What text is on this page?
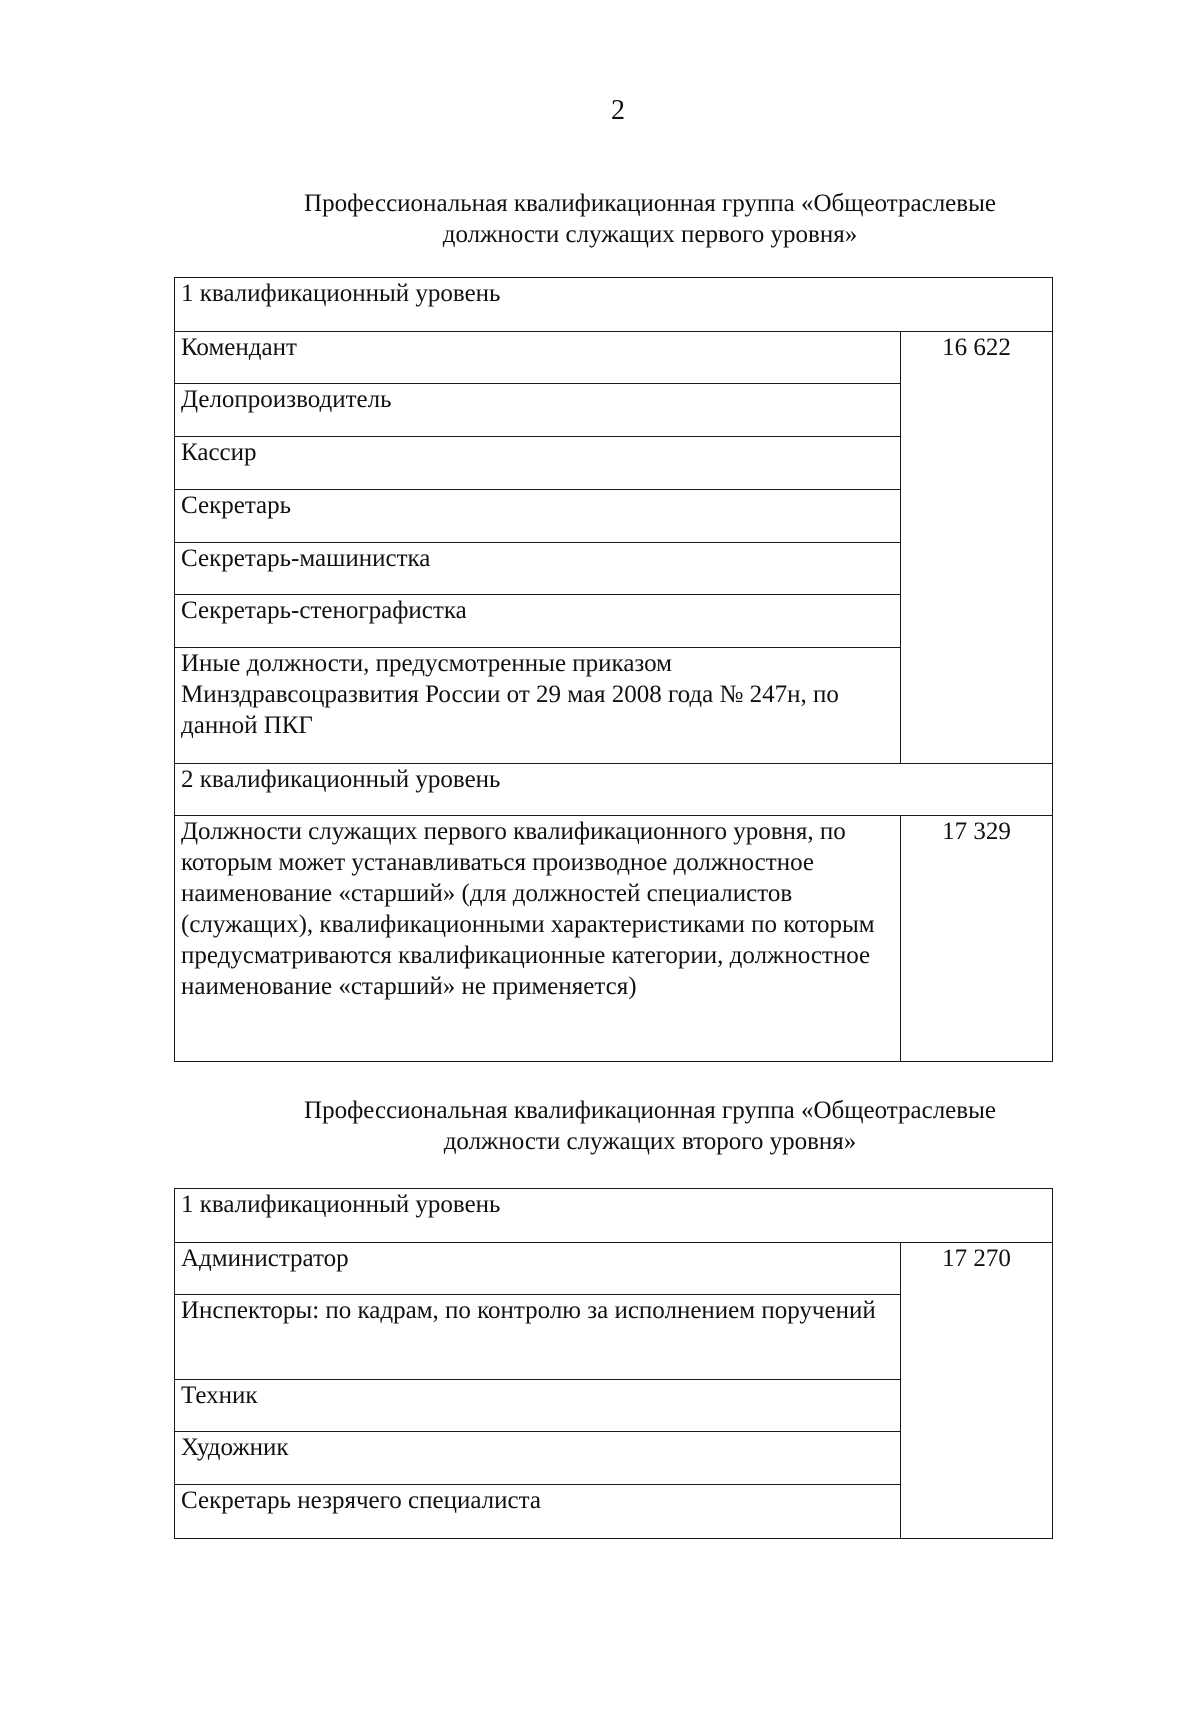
2
Профессиональная квалификационная группа «Общеотраслевые
должности служащих первого уровня»
1 квалификационный уровень	
Комендант	16 622
Делопроизводитель	
Кассир	
Секретарь	
Секретарь-машинистка	
Секретарь-стенографистка	
Иные должности, предусмотренные приказом Минздравсоцразвития России от 29 мая 2008 года № 247н, по данной ПКГ	
2 квалификационный уровень	
Должности служащих первого квалификационного уровня, по которым может устанавливаться производное должностное наименование «старший» (для должностей специалистов (служащих), квалификационными характеристиками по которым предусматриваются квалификационные категории, должностное наименование «старший» не применяется)	17 329
Профессиональная квалификационная группа «Общеотраслевые
должности служащих второго уровня»
1 квалификационный уровень
Администратор	17 270
Инспекторы: по кадрам, по контролю за исполнением поручений
Техник
Художник
Секретарь незрячего специалиста
